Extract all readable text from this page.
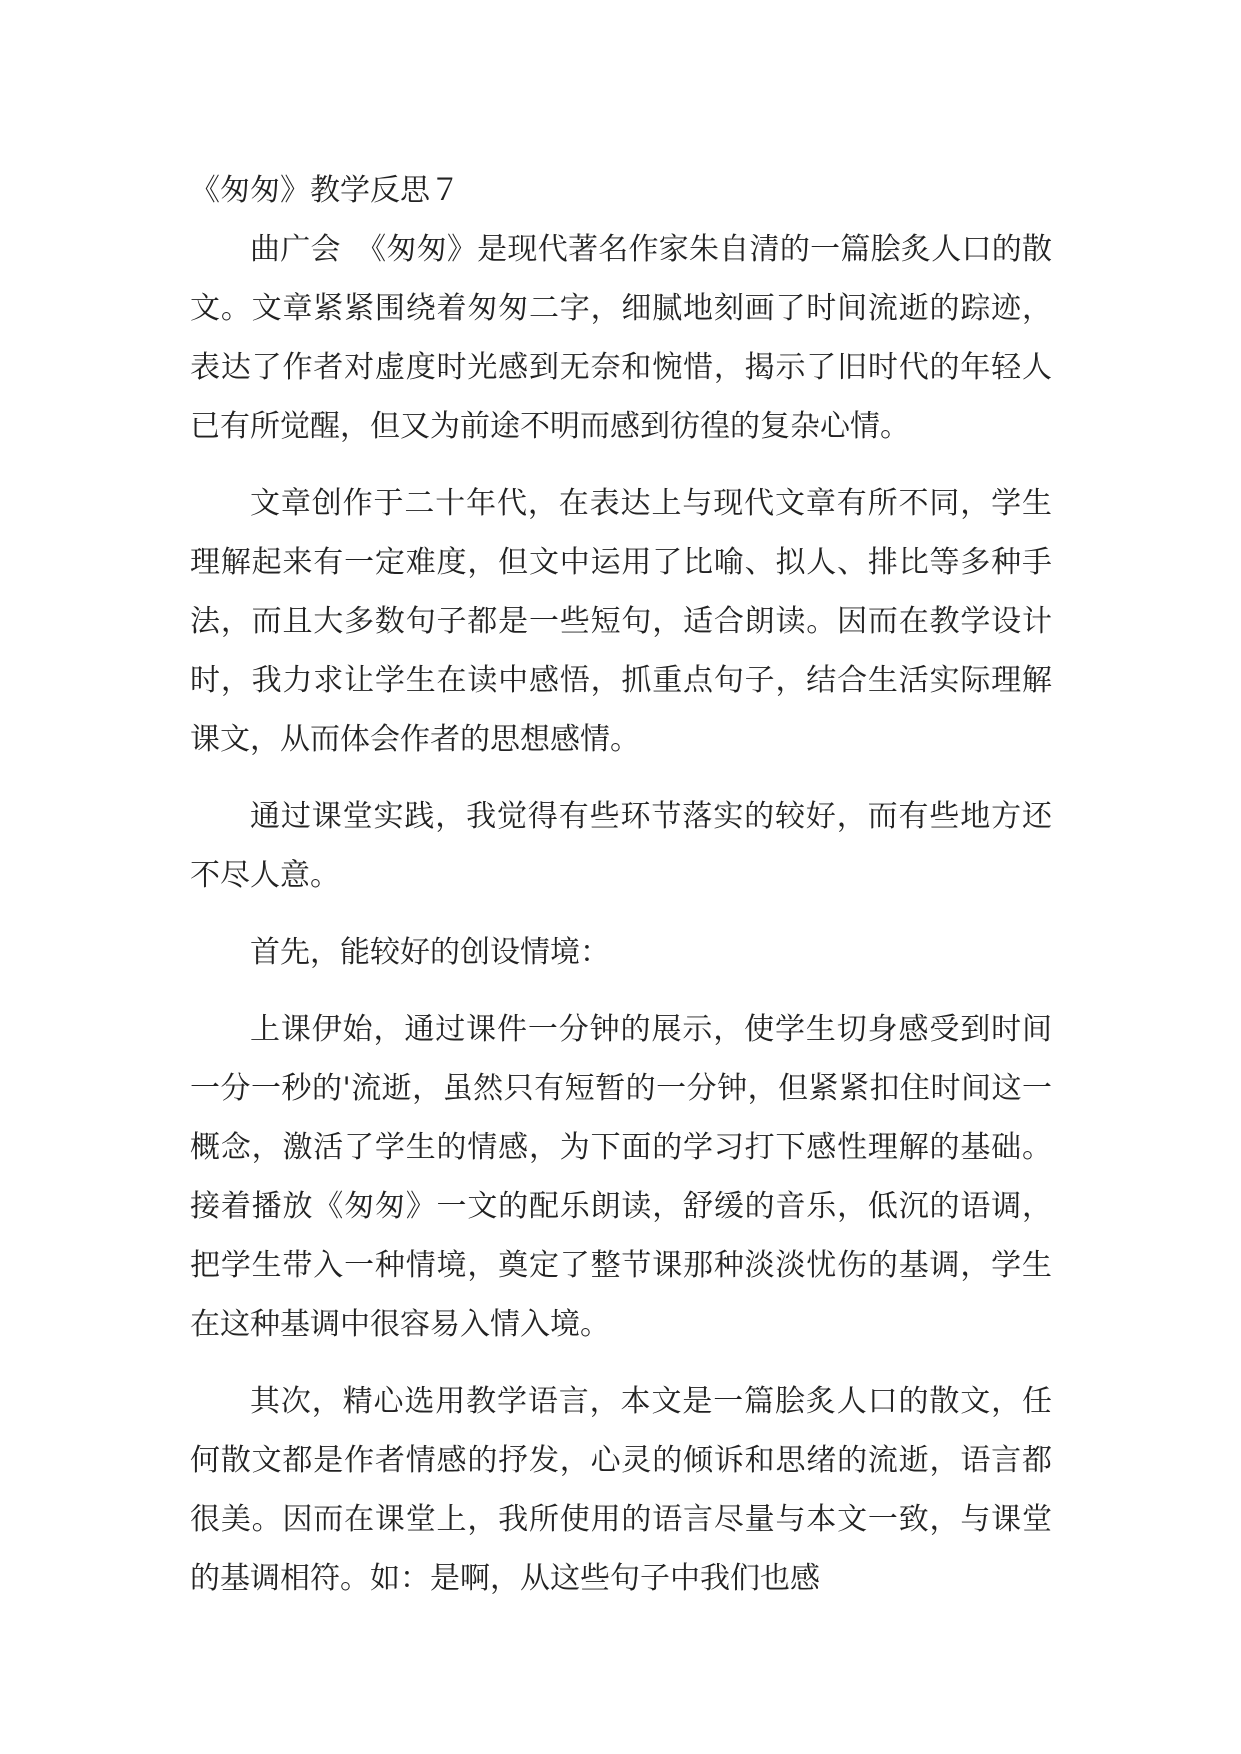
《匆匆》教学反思７

曲广会　《匆匆》是现代著名作家朱自清的一篇脍炙人口的散文。文章紧紧围绕着匆匆二字，细腻地刻画了时间流逝的踪迹，表达了作者对虚度时光感到无奈和惋惜，揭示了旧时代的年轻人已有所觉醒，但又为前途不明而感到彷徨的复杂心情。

文章创作于二十年代，在表达上与现代文章有所不同，学生理解起来有一定难度，但文中运用了比喻、拟人、排比等多种手法，而且大多数句子都是一些短句，适合朗读。因而在教学设计时，我力求让学生在读中感悟，抓重点句子，结合生活实际理解课文，从而体会作者的思想感情。

通过课堂实践，我觉得有些环节落实的较好，而有些地方还不尽人意。

首先，能较好的创设情境：

上课伊始，通过课件一分钟的展示，使学生切身感受到时间一分一秒的'流逝，虽然只有短暂的一分钟，但紧紧扣住时间这一概念，激活了学生的情感，为下面的学习打下感性理解的基础。接着播放《匆匆》一文的配乐朗读，舒缓的音乐，低沉的语调，把学生带入一种情境，奠定了整节课那种淡淡忧伤的基调，学生在这种基调中很容易入情入境。

其次，精心选用教学语言，本文是一篇脍炙人口的散文，任何散文都是作者情感的抒发，心灵的倾诉和思绪的流逝，语言都很美。因而在课堂上，我所使用的语言尽量与本文一致，与课堂的基调相符。如：是啊，从这些句子中我们也感
